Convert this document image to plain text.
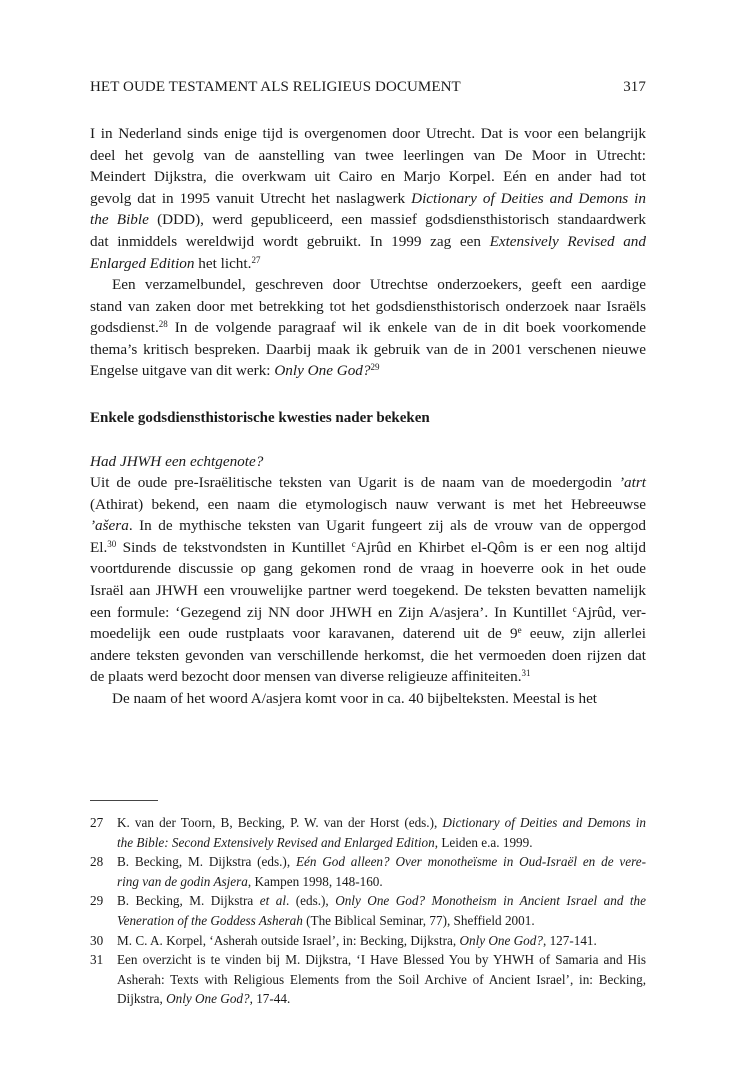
HET OUDE TESTAMENT ALS RELIGIEUS DOCUMENT	317
I in Nederland sinds enige tijd is overgenomen door Utrecht. Dat is voor een belangrijk
deel het gevolg van de aanstelling van twee leerlingen van De Moor in Utrecht:
Meindert Dijkstra, die overkwam uit Cairo en Marjo Korpel. Eén en ander had tot
gevolg dat in 1995 vanuit Utrecht het naslagwerk Dictionary of Deities and Demons in
the Bible (DDD), werd gepubliceerd, een massief godsdiensthistorisch standaardwerk
dat inmiddels wereldwijd wordt gebruikt. In 1999 zag een Extensively Revised and
Enlarged Edition het licht.$^{27}$
Een verzamelbundel, geschreven door Utrechtse onderzoekers, geeft een aardige
stand van zaken door met betrekking tot het godsdiensthistorisch onderzoek naar Israëls
godsdienst.$^{28}$ In de volgende paragraaf wil ik enkele van de in dit boek voorkomende
thema’s kritisch bespreken. Daarbij maak ik gebruik van de in 2001 verschenen nieuwe
Engelse uitgave van dit werk: Only One God?$^{29}$
Enkele godsdiensthistorische kwesties nader bekeken
Had JHWH een echtgenote?
Uit de oude pre-Israëlitische teksten van Ugarit is de naam van de moedergodin ’atrt
(Athirat) bekend, een naam die etymologisch nauw verwant is met het Hebreeuwse
’ašera. In de mythische teksten van Ugarit fungeert zij als de vrouw van de oppergod
El.$^{30}$ Sinds de tekstvondsten in Kuntillet $^c$Ajrûd en Khirbet el-Qôm is er een nog altijd
voortdurende discussie op gang gekomen rond de vraag in hoeverre ook in het oude
Israël aan JHWH een vrouwelijke partner werd toegekend. De teksten bevatten namelijk
een formule: ‘Gezegend zij NN door JHWH en Zijn A/asjera’. In Kuntillet $^c$Ajrûd, ver-
moedelijk een oude rustplaats voor karavanen, daterend uit de 9e eeuw, zijn allerlei
andere teksten gevonden van verschillende herkomst, die het vermoeden doen rijzen dat
de plaats werd bezocht door mensen van diverse religieuze affiniteiten.$^{31}$
De naam of het woord A/asjera komt voor in ca. 40 bijbelteksten. Meestal is het
27	K. van der Toorn, B, Becking, P. W. van der Horst (eds.), Dictionary of Deities and Demons in
the Bible: Second Extensively Revised and Enlarged Edition, Leiden e.a. 1999.
28	B. Becking, M. Dijkstra (eds.), Eén God alleen? Over monotheïsme in Oud-Israël en de vere-
ring van de godin Asjera, Kampen 1998, 148-160.
29	B. Becking, M. Dijkstra et al. (eds.), Only One God? Monotheism in Ancient Israel and the
Veneration of the Goddess Asherah (The Biblical Seminar, 77), Sheffield 2001.
30	M. C. A. Korpel, ‘Asherah outside Israel’, in: Becking, Dijkstra, Only One God?, 127-141.
31	Een overzicht is te vinden bij M. Dijkstra, ‘I Have Blessed You by YHWH of Samaria and His
Asherah: Texts with Religious Elements from the Soil Archive of Ancient Israel’, in: Becking,
Dijkstra, Only One God?, 17-44.
